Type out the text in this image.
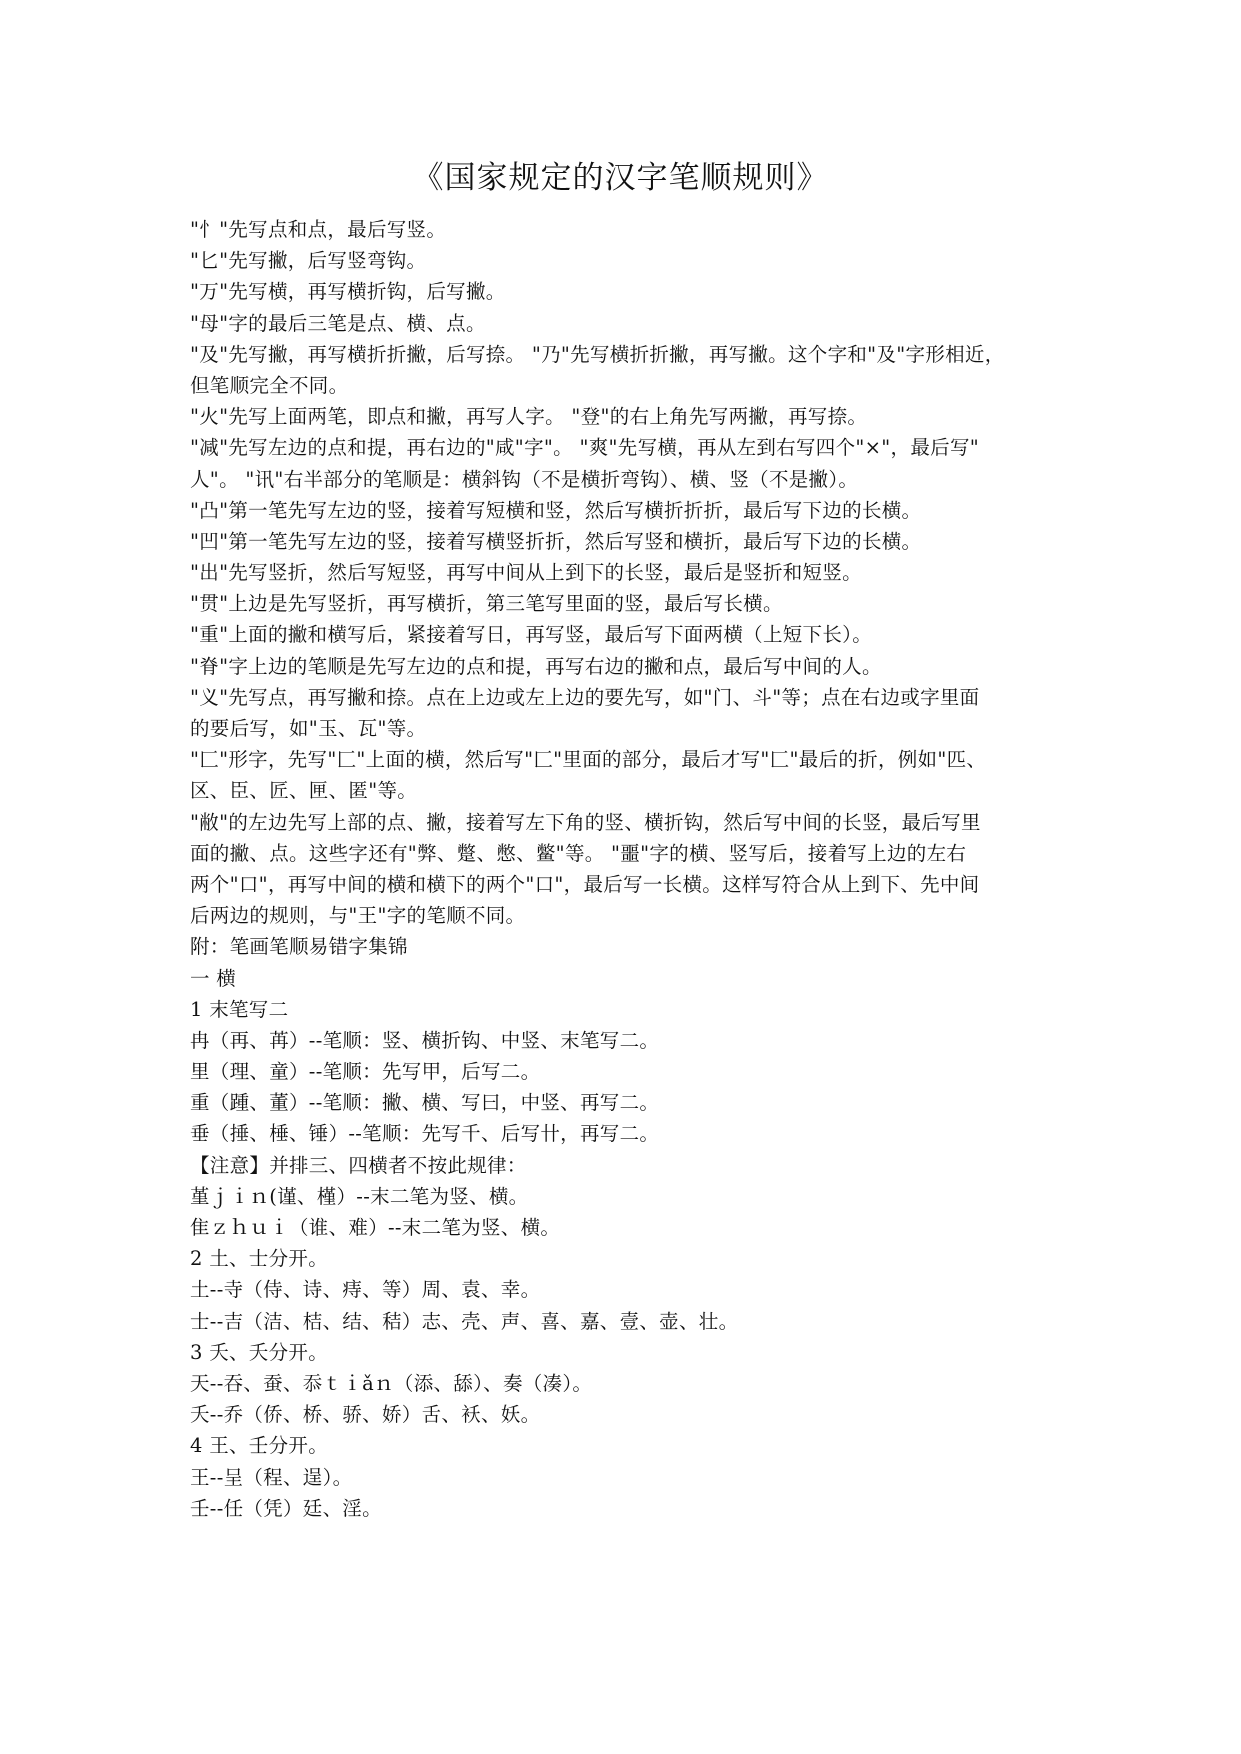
《国家规定的汉字笔顺规则》
"忄"先写点和点，最后写竖。
"匕"先写撇，后写竖弯钩。
"万"先写横，再写横折钩，后写撇。
"母"字的最后三笔是点、横、点。
"及"先写撇，再写横折折撇，后写捺。 "乃"先写横折折撇，再写撇。这个字和"及"字形相近，
但笔顺完全不同。
"火"先写上面两笔，即点和撇，再写人字。 "登"的右上角先写两撇，再写捺。
"减"先写左边的点和提，再右边的"咸"字"。 "爽"先写横，再从左到右写四个"×"，最后写"
人"。 "讯"右半部分的笔顺是：横斜钩（不是横折弯钩）、横、竖（不是撇）。
"凸"第一笔先写左边的竖，接着写短横和竖，然后写横折折折，最后写下边的长横。
"凹"第一笔先写左边的竖，接着写横竖折折，然后写竖和横折，最后写下边的长横。
"出"先写竖折，然后写短竖，再写中间从上到下的长竖，最后是竖折和短竖。
"贯"上边是先写竖折，再写横折，第三笔写里面的竖，最后写长横。
"重"上面的撇和横写后，紧接着写日，再写竖，最后写下面两横（上短下长）。
"脊"字上边的笔顺是先写左边的点和提，再写右边的撇和点，最后写中间的人。
"义"先写点，再写撇和捺。点在上边或左上边的要先写，如"门、斗"等；点在右边或字里面
的要后写，如"玉、瓦"等。
"匚"形字，先写"匚"上面的横，然后写"匚"里面的部分，最后才写"匚"最后的折，例如"匹、
区、臣、匠、匣、匿"等。
"敝"的左边先写上部的点、撇，接着写左下角的竖、横折钩，然后写中间的长竖，最后写里
面的撇、点。这些字还有"弊、蹩、憋、鳖"等。 "噩"字的横、竖写后，接着写上边的左右
两个"口"，再写中间的横和横下的两个"口"，最后写一长横。这样写符合从上到下、先中间
后两边的规则，与"王"字的笔顺不同。
附：笔画笔顺易错字集锦
一 横
1 末笔写二
冉（再、苒）--笔顺：竖、横折钩、中竖、末笔写二。
里（理、童）--笔顺：先写甲，后写二。
重（踵、董）--笔顺：撇、横、写曰，中竖、再写二。
垂（捶、棰、锤）--笔顺：先写千、后写卄，再写二。
【注意】并排三、四横者不按此规律：
堇ｊｉｎ(谨、槿）--末二笔为竖、横。
隹ｚｈｕｉ（谁、难）--末二笔为竖、横。
2 土、士分开。
土--寺（侍、诗、痔、等）周、袁、幸。
士--吉（洁、桔、结、秸）志、壳、声、喜、嘉、壹、壶、壮。
3 夭、夭分开。
天--吞、蚕、忝ｔｉǎｎ（添、舔）、奏（凑）。
夭--乔（侨、桥、骄、娇）舌、袄、妖。
4 王、壬分开。
王--呈（程、逞）。
壬--任（凭）廷、淫。
